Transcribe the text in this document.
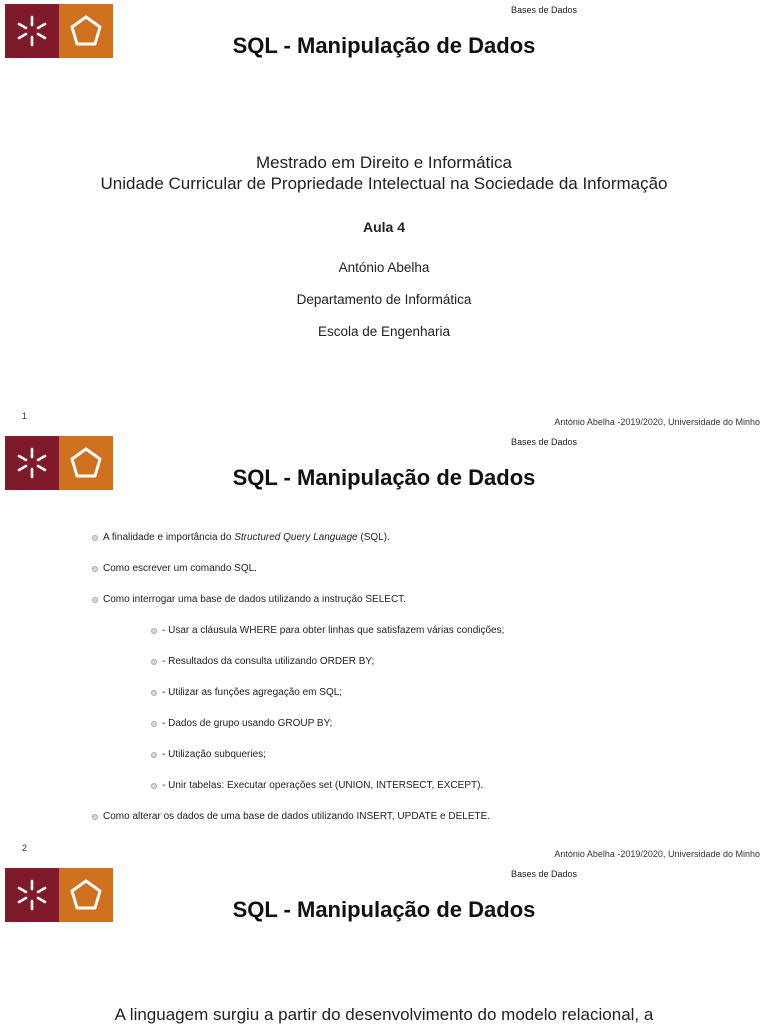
Bases de Dados
SQL - Manipulação de Dados
Mestrado em Direito e Informática
Unidade Curricular de Propriedade Intelectual na Sociedade da Informação
Aula 4
António Abelha
Departamento de Informática
Escola de Engenharia
1
António Abelha -2019/2020, Universidade do Minho
Bases de Dados
SQL - Manipulação de Dados
A finalidade e importância do Structured Query Language (SQL).
Como escrever um comando SQL.
Como interrogar uma base de dados utilizando a instrução SELECT.
- Usar a cláusula WHERE para obter linhas que satisfazem várias condições;
- Resultados da consulta utilizando ORDER BY;
- Utilizar as funções agregação em SQL;
- Dados de grupo usando GROUP BY;
- Utilização subqueries;
- Unir tabelas: Executar operações set (UNION, INTERSECT, EXCEPT).
Como alterar os dados de uma base de dados utilizando INSERT, UPDATE e DELETE.
2
António Abelha -2019/2020, Universidade do Minho
Bases de Dados
SQL - Manipulação de Dados
A linguagem surgiu a partir do desenvolvimento do modelo relacional, a
